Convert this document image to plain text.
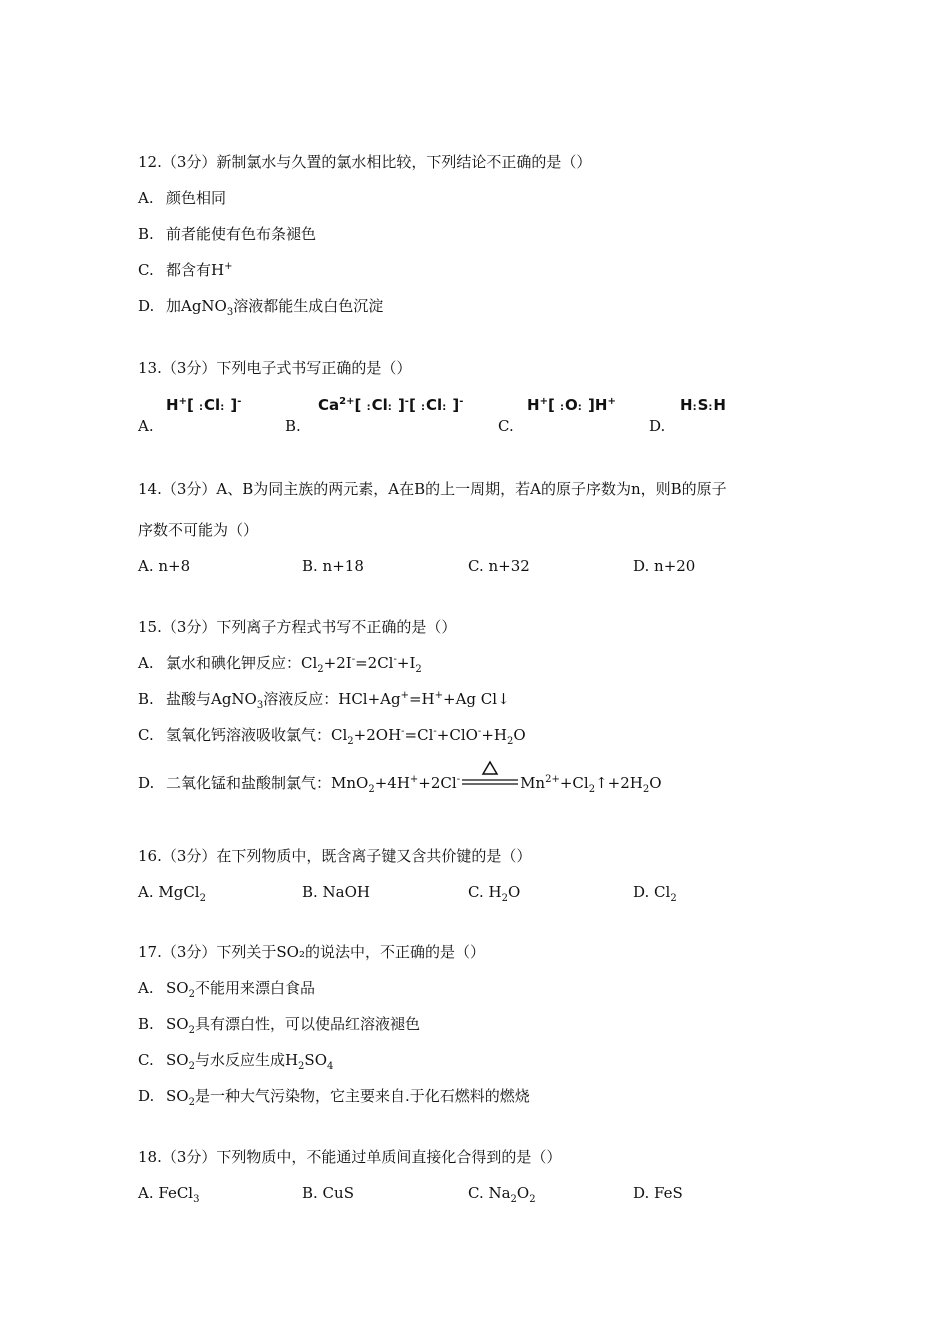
12.（3分）新制氯水与久置的氯水相比较，下列结论不正确的是（）
A. 颜色相同
B. 前者能使有色布条褪色
C. 都含有H+
D. 加AgNO$_3$溶液都能生成白色沉淀
13.（3分）下列电子式书写正确的是（）
A.
H+[ :Cl: ]-
B.
$Ca^{2+}$[ :Cl: ]-[ :Cl: ]-
C.
H+[ :O: ]H+
D.
H:S:H
14.（3分）A、B为同主族的两元素，A在B的上一周期，若A的原子序数为n，则B的原子
序数不可能为（）
A. n+8	B. n+18	C. n+32	D. n+20
15.（3分）下列离子方程式书写不正确的是（）
A. 氯水和碘化钾反应：$Cl_2+2I^-=2Cl^-+I_2$
B. 盐酸与AgNO$_3$溶液反应：HCl+Ag+=H++Ag Cl↓
C. 氢氧化钙溶液吸收氯气：$Cl_2+2OH^-=Cl^-+ClO^-+H_2O$
D. 二氧化锰和盐酸制氯气：MnO$_2$+4H++2Cl-	$Mn^{2+}+Cl_2↑+2H_2O$
16.（3分）在下列物质中，既含离子键又含共价键的是（）
A. MgCl$_2$	B. NaOH	C. $H_2O$	D. $Cl_2$
17.（3分）下列关于SO₂的说法中，不正确的是（）
A. $SO_2$不能用来漂白食品
B. $SO_2$具有漂白性，可以使品红溶液褪色
C. $SO_2$与水反应生成$H_2SO_4$
D. $SO_2$是一种大气污染物，它主要来自.于化石燃料的燃烧
18.（3分）下列物质中，不能通过单质间直接化合得到的是（）
A. FeCl$_3$	B. CuS	C. $Na_2O_2$	D. FeS
